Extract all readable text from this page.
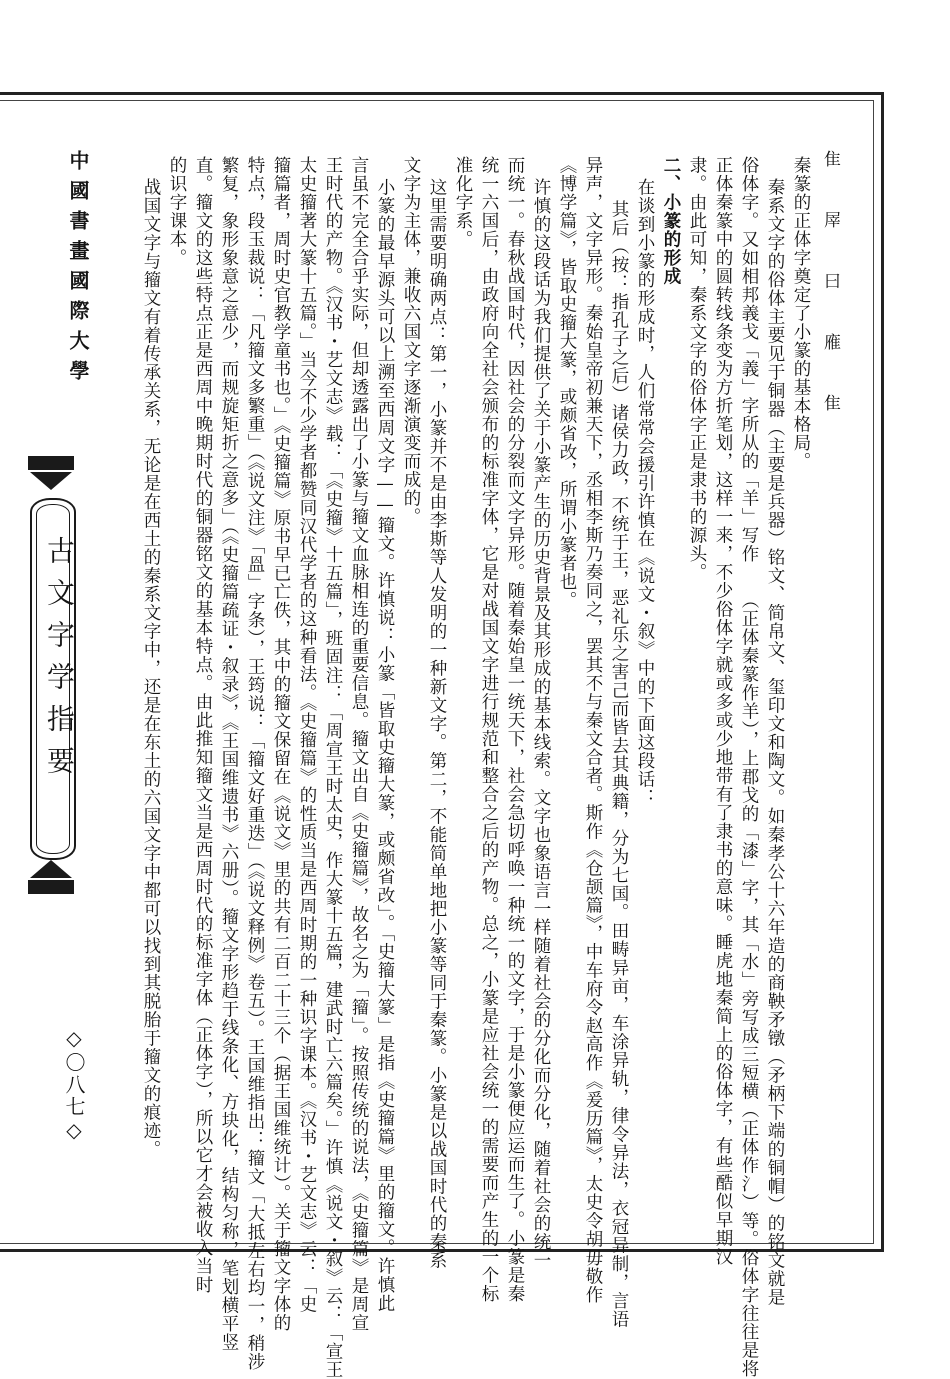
隹 屖 曰 䧹 隹
秦篆的正体字奠定了小篆的基本格局。
秦系文字的俗体主要见于铜器（主要是兵器）铭文、简帛文、玺印文和陶文。如秦孝公十六年造的商鞅矛镦（矛柄下端的铜帽）的铭文就是
俗体字。又如相邦義戈「義」字所从的「羊」写作　　（正体秦篆作羊），上郡戈的「漆」字，其「水」旁写成三短横（正体作氵）等。俗体字往往是将
正体秦篆中的圆转线条变为方折笔划，这样一来，不少俗体字就或多或少地带有了隶书的意味。睡虎地秦简上的俗体字，有些酷似早期汉
隶。由此可知，秦系文字的俗体字正是隶书的源头。
二、小篆的形成
在谈到小篆的形成时，人们常常会援引许慎在《说文・叙》中的下面这段话：
其后（按：指孔子之后）诸侯力政，不统于王，恶礼乐之害己而皆去其典籍，分为七国。田畴异亩，车涂异轨，律令异法，衣冠异制，言语
异声，文字异形。秦始皇帝初兼天下，丞相李斯乃奏同之，罢其不与秦文合者。斯作《仓颉篇》，中车府令赵高作《爰历篇》，太史令胡毋敬作
《博学篇》，皆取史籀大篆，或颇省改，所谓小篆者也。
许慎的这段话为我们提供了关于小篆产生的历史背景及其形成的基本线索。文字也象语言一样随着社会的分化而分化，随着社会的统一
而统一。春秋战国时代，因社会的分裂而文字异形。随着秦始皇一统天下，社会急切呼唤一种统一的文字，于是小篆便应运而生了。小篆是秦
统一六国后，由政府向全社会颁布的标准字体，它是对战国文字进行规范和整合之后的产物。总之，小篆是应社会统一的需要而产生的一个标
准化字系。
这里需要明确两点：第一，小篆并不是由李斯等人发明的一种新文字。第二，不能简单地把小篆等同于秦篆。小篆是以战国时代的秦系
文字为主体，兼收六国文字逐渐演变而成的。
小篆的最早源头可以上溯至西周文字——籀文。许慎说：小篆「皆取史籀大篆，或颇省改」。「史籀大篆」是指《史籀篇》里的籀文。许慎此
言虽不完全合乎实际，但却透露出了小篆与籀文血脉相连的重要信息。籀文出自《史籀篇》，故名之为「籀」。按照传统的说法，《史籀篇》是周宣
王时代的产物。《汉书・艺文志》载：「《史籀》十五篇」，班固注：「周宣王时太史，作大篆十五篇，建武时亡六篇矣。」许慎《说文・叙》云：「宣王
太史籀著大篆十五篇。」当今不少学者都赞同汉代学者的这种看法。《史籀篇》的性质当是西周时期的一种识字课本。《汉书・艺文志》云：「史
籀篇者，周时史官教学童书也。」《史籀篇》原书早已亡佚，其中的籀文保留在《说文》里的共有二百二十三个（据王国维统计）。关于籀文字体的
特点，段玉裁说：「凡籀文多繁重」（《说文注》「𥁕」字条），王筠说：「籀文好重迭」（《说文释例》卷五）。王国维指出：籀文「大抵左右均一，稍涉
繁复，象形象意之意少，而规旋矩折之意多」（《史籀篇疏证・叙录》，《王国维遗书》六册）。籀文字形趋于线条化、方块化，结构匀称，笔划横平竖
直。籀文的这些特点正是西周中晚期时代的铜器铭文的基本特点。由此推知籀文当是西周时代的标准字体（正体字），所以它才会被收入当时
的识字课本。
战国文字与籀文有着传承关系，无论是在西土的秦系文字中，还是在东土的六国文字中都可以找到其脱胎于籀文的痕迹。
中國書畫國際大學
古文字学指要
◇〇八七◇
